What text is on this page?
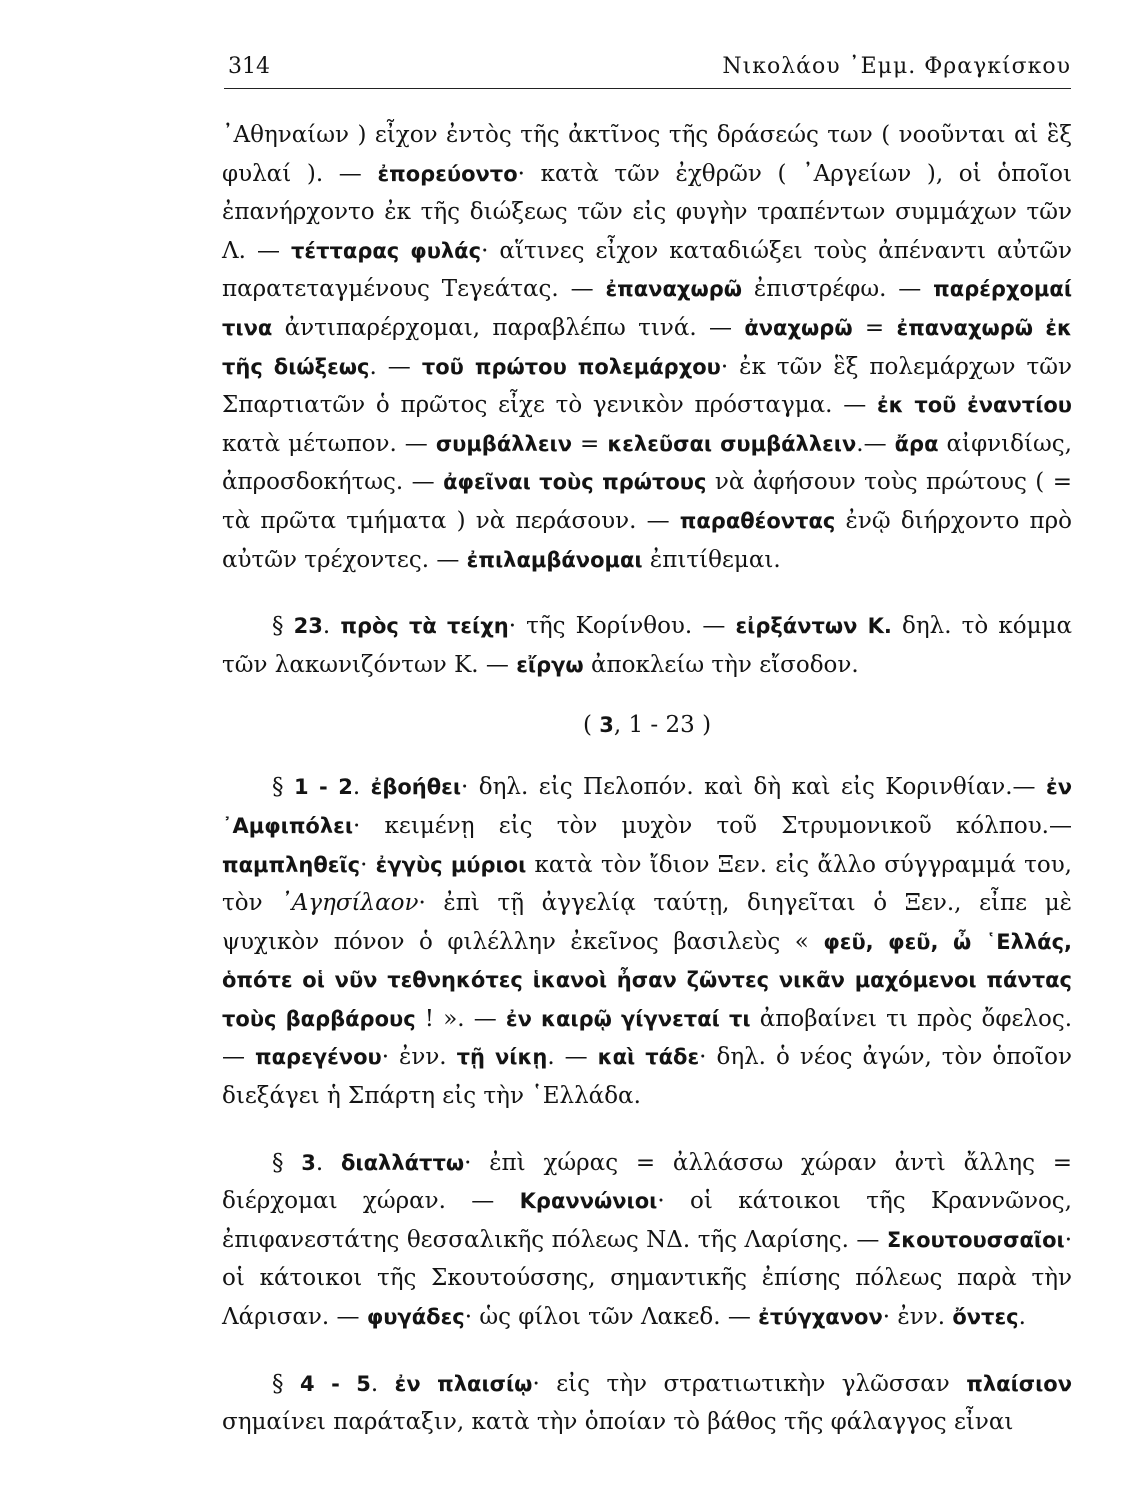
314	Νικολάου ᾽Εμμ. Φραγκίσκου

᾽Αθηναίων ) εἶχον ἐντὸς τῆς ἀκτῖνος τῆς δράσεώς των ( νοοῦνται αἱ ἓξ φυλαί ). — ἐπορεύοντο· κατὰ τῶν ἐχθρῶν ( ᾽Αργείων ), οἱ ὁποῖοι ἐπανήρχοντο ἐκ τῆς διώξεως τῶν εἰς φυγὴν τραπέντων συμμάχων τῶν Λ. — τέτταρας φυλάς· αἵτινες εἶχον καταδιώξει τοὺς ἀπέναντι αὐτῶν παρατεταγμένους Τεγεάτας. — ἐπαναχωρῶ ἐπιστρέφω. — παρέρχομαί τινα ἀντιπαρέρχομαι, παραβλέπω τινά. — ἀναχωρῶ = ἐπαναχωρῶ ἐκ τῆς διώξεως. — τοῦ πρώτου πολεμάρχου· ἐκ τῶν ἓξ πολεμάρχων τῶν Σπαρτιατῶν ὁ πρῶτος εἶχε τὸ γενικὸν πρόσταγμα. — ἐκ τοῦ ἐναντίου κατὰ μέτωπον. — συμβάλλειν = κελεῦσαι συμβάλλειν.— ἄρα αἰφνιδίως, ἀπροσδοκήτως. — ἀφεῖναι τοὺς πρώτους νὰ ἀφήσουν τοὺς πρώτους ( = τὰ πρῶτα τμήματα ) νὰ περάσουν. — παραθέοντας ἐνῷ διήρχοντο πρὸ αὐτῶν τρέχοντες. — ἐπιλαμβάνομαι ἐπιτίθεμαι.

§ 23. πρὸς τὰ τείχη· τῆς Κορίνθου. — εἰρξάντων Κ. δηλ. τὸ κόμμα τῶν λακωνιζόντων Κ. — εἴργω ἀποκλείω τὴν εἴσοδον.

( 3, 1 - 23 )

§ 1 - 2. ἐβοήθει· δηλ. εἰς Πελοπόν. καὶ δὴ καὶ εἰς Κορινθίαν.— ἐν ᾽Αμφιπόλει· κειμένῃ εἰς τὸν μυχὸν τοῦ Στρυμονικοῦ κόλπου.— παμπληθεῖς· ἐγγὺς μύριοι κατὰ τὸν ἴδιον Ξεν. εἰς ἄλλο σύγγραμμά του, τὸν ᾽Αγησίλαον· ἐπὶ τῇ ἀγγελίᾳ ταύτῃ, διηγεῖται ὁ Ξεν., εἶπε μὲ ψυχικὸν πόνον ὁ φιλέλλην ἐκεῖνος βασιλεὺς « φεῦ, φεῦ, ὦ ῾Ελλάς, ὁπότε οἱ νῦν τεθνηκότες ἱκανοὶ ἦσαν ζῶντες νικᾶν μαχόμενοι πάντας τοὺς βαρβάρους ! ». — ἐν καιρῷ γίγνεταί τι ἀποβαίνει τι πρὸς ὄφελος. — παρεγένου· ἐνν. τῇ νίκῃ. — καὶ τάδε· δηλ. ὁ νέος ἀγών, τὸν ὁποῖον διεξάγει ἡ Σπάρτη εἰς τὴν ῾Ελλάδα.

§ 3. διαλλάττω· ἐπὶ χώρας = ἀλλάσσω χώραν ἀντὶ ἄλλης = διέρχομαι χώραν. — Κραννώνιοι· οἱ κάτοικοι τῆς Κραννῶνος, ἐπιφανεστάτης θεσσαλικῆς πόλεως ΝΔ. τῆς Λαρίσης. — Σκουτουσσαῖοι· οἱ κάτοικοι τῆς Σκουτούσσης, σημαντικῆς ἐπίσης πόλεως παρὰ τὴν Λάρισαν. — φυγάδες· ὡς φίλοι τῶν Λακεδ. — ἐτύγχανον· ἐνν. ὄντες.

§ 4 - 5. ἐν πλαισίῳ· εἰς τὴν στρατιωτικὴν γλῶσσαν πλαίσιον σημαίνει παράταξιν, κατὰ τὴν ὁποίαν τὸ βάθος τῆς φάλαγγος εἶναι
